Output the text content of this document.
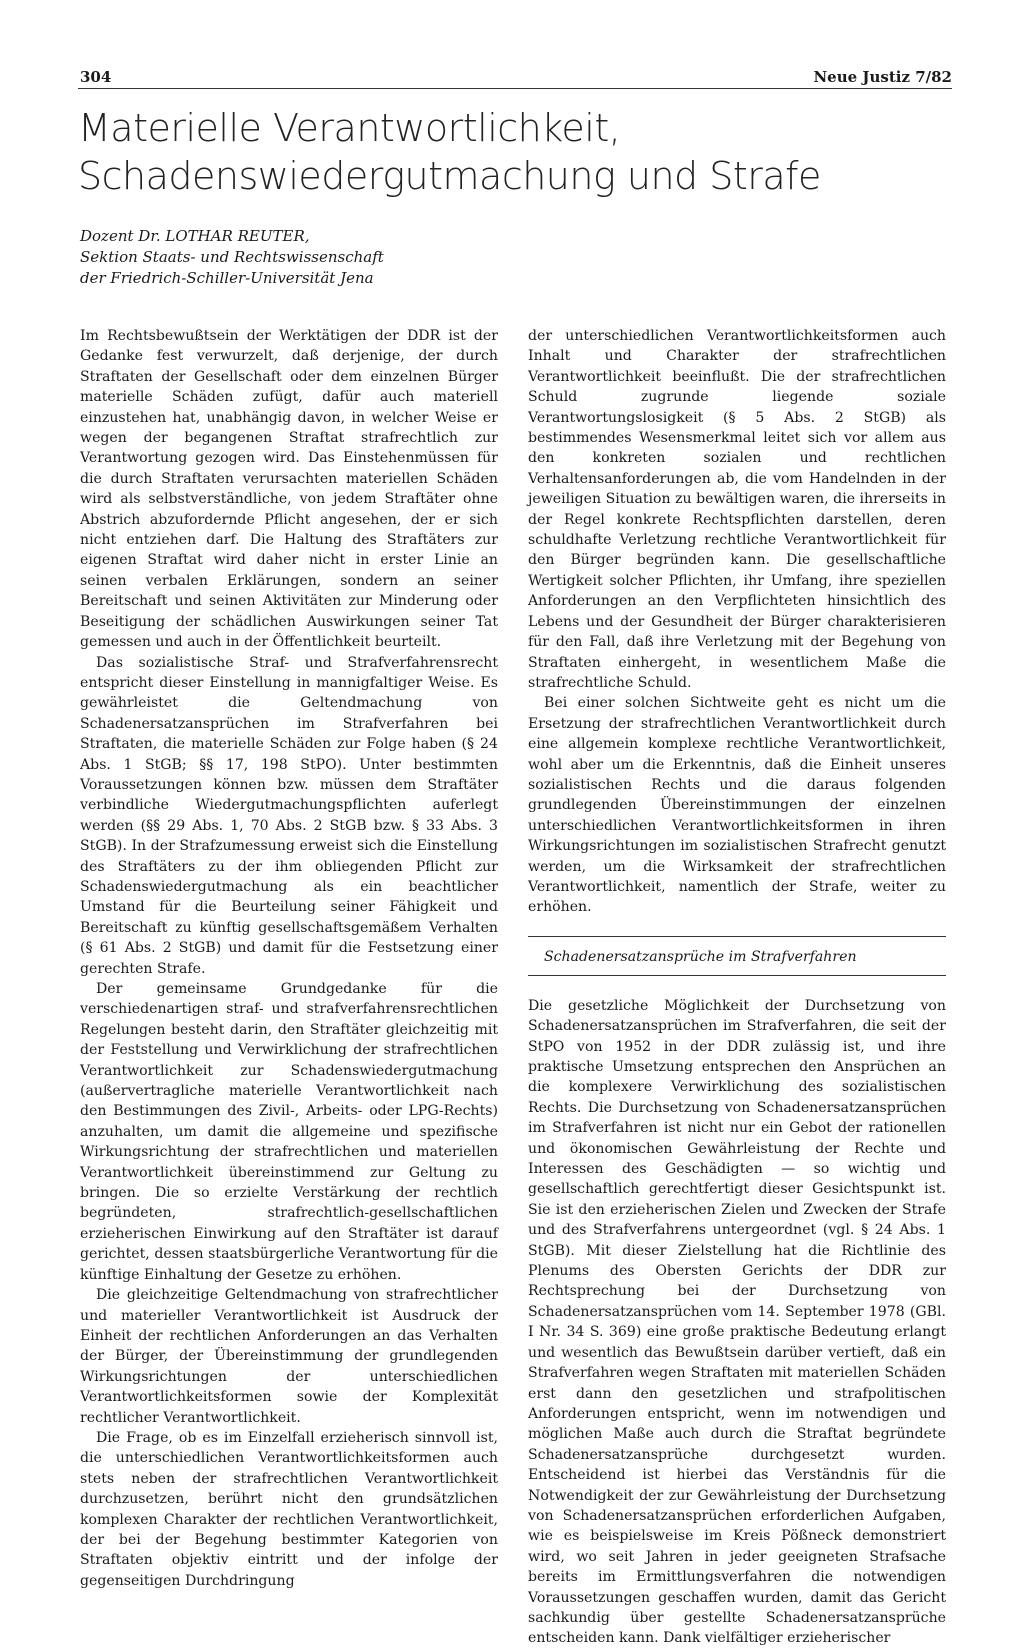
304	Neue Justiz 7/82
Materielle Verantwortlichkeit,
Schadenswiedergutmachung und Strafe
Dozent Dr. LOTHAR REUTER,
Sektion Staats- und Rechtswissenschaft
der Friedrich-Schiller-Universität Jena

Im Rechtsbewußtsein der Werktätigen der DDR ist der Gedanke fest verwurzelt, daß derjenige, der durch Straftaten der Gesellschaft oder dem einzelnen Bürger materielle Schäden zufügt, dafür auch materiell einzustehen hat, unabhängig davon, in welcher Weise er wegen der begangenen Straftat strafrechtlich zur Verantwortung gezogen wird. Das Einstehenmüssen für die durch Straftaten verursachten materiellen Schäden wird als selbstverständliche, von jedem Straftäter ohne Abstrich abzufordernde Pflicht angesehen, der er sich nicht entziehen darf. Die Haltung des Straftäters zur eigenen Straftat wird daher nicht in erster Linie an seinen verbalen Erklärungen, sondern an seiner Bereitschaft und seinen Aktivitäten zur Minderung oder Beseitigung der schädlichen Auswirkungen seiner Tat gemessen und auch in der Öffentlichkeit beurteilt.

Das sozialistische Straf- und Strafverfahrensrecht entspricht dieser Einstellung in mannigfaltiger Weise. Es gewährleistet die Geltendmachung von Schadenersatzansprüchen im Strafverfahren bei Straftaten, die materielle Schäden zur Folge haben (§ 24 Abs. 1 StGB; §§ 17, 198 StPO). Unter bestimmten Voraussetzungen können bzw. müssen dem Straftäter verbindliche Wiedergutmachungspflichten auferlegt werden (§§ 29 Abs. 1, 70 Abs. 2 StGB bzw. § 33 Abs. 3 StGB). In der Strafzumessung erweist sich die Einstellung des Straftäters zu der ihm obliegenden Pflicht zur Schadenswiedergutmachung als ein beachtlicher Umstand für die Beurteilung seiner Fähigkeit und Bereitschaft zu künftig gesellschaftsgemäßem Verhalten (§ 61 Abs. 2 StGB) und damit für die Festsetzung einer gerechten Strafe.

Der gemeinsame Grundgedanke für die verschiedenartigen straf- und strafverfahrensrechtlichen Regelungen besteht darin, den Straftäter gleichzeitig mit der Feststellung und Verwirklichung der strafrechtlichen Verantwortlichkeit zur Schadenswiedergutmachung (außervertragliche materielle Verantwortlichkeit nach den Bestimmungen des Zivil-, Arbeits- oder LPG-Rechts) anzuhalten, um damit die allgemeine und spezifische Wirkungsrichtung der strafrechtlichen und materiellen Verantwortlichkeit übereinstimmend zur Geltung zu bringen. Die so erzielte Verstärkung der rechtlich begründeten, strafrechtlich-gesellschaftlichen erzieherischen Einwirkung auf den Straftäter ist darauf gerichtet, dessen staatsbürgerliche Verantwortung für die künftige Einhaltung der Gesetze zu erhöhen.

Die gleichzeitige Geltendmachung von strafrechtlicher und materieller Verantwortlichkeit ist Ausdruck der Einheit der rechtlichen Anforderungen an das Verhalten der Bürger, der Übereinstimmung der grundlegenden Wirkungsrichtungen der unterschiedlichen Verantwortlichkeitsformen sowie der Komplexität rechtlicher Verantwortlichkeit.

Die Frage, ob es im Einzelfall erzieherisch sinnvoll ist, die unterschiedlichen Verantwortlichkeitsformen auch stets neben der strafrechtlichen Verantwortlichkeit durchzusetzen, berührt nicht den grundsätzlichen komplexen Charakter der rechtlichen Verantwortlichkeit, der bei der Begehung bestimmter Kategorien von Straftaten objektiv eintritt und der infolge der gegenseitigen Durchdringung

der unterschiedlichen Verantwortlichkeitsformen auch Inhalt und Charakter der strafrechtlichen Verantwortlichkeit beeinflußt. Die der strafrechtlichen Schuld zugrunde liegende soziale Verantwortungslosigkeit (§ 5 Abs. 2 StGB) als bestimmendes Wesensmerkmal leitet sich vor allem aus den konkreten sozialen und rechtlichen Verhaltensanforderungen ab, die vom Handelnden in der jeweiligen Situation zu bewältigen waren, die ihrerseits in der Regel konkrete Rechtspflichten darstellen, deren schuldhafte Verletzung rechtliche Verantwortlichkeit für den Bürger begründen kann. Die gesellschaftliche Wertigkeit solcher Pflichten, ihr Umfang, ihre speziellen Anforderungen an den Verpflichteten hinsichtlich des Lebens und der Gesundheit der Bürger charakterisieren für den Fall, daß ihre Verletzung mit der Begehung von Straftaten einhergeht, in wesentlichem Maße die strafrechtliche Schuld.

Bei einer solchen Sichtweite geht es nicht um die Ersetzung der strafrechtlichen Verantwortlichkeit durch eine allgemein komplexe rechtliche Verantwortlichkeit, wohl aber um die Erkenntnis, daß die Einheit unseres sozialistischen Rechts und die daraus folgenden grundlegenden Übereinstimmungen der einzelnen unterschiedlichen Verantwortlichkeitsformen in ihren Wirkungsrichtungen im sozialistischen Strafrecht genutzt werden, um die Wirksamkeit der strafrechtlichen Verantwortlichkeit, namentlich der Strafe, weiter zu erhöhen.

Schadenersatzansprüche im Strafverfahren

Die gesetzliche Möglichkeit der Durchsetzung von Schadenersatzansprüchen im Strafverfahren, die seit der StPO von 1952 in der DDR zulässig ist, und ihre praktische Umsetzung entsprechen den Ansprüchen an die komplexere Verwirklichung des sozialistischen Rechts. Die Durchsetzung von Schadenersatzansprüchen im Strafverfahren ist nicht nur ein Gebot der rationellen und ökonomischen Gewährleistung der Rechte und Interessen des Geschädigten — so wichtig und gesellschaftlich gerechtfertigt dieser Gesichtspunkt ist. Sie ist den erzieherischen Zielen und Zwecken der Strafe und des Strafverfahrens untergeordnet (vgl. § 24 Abs. 1 StGB). Mit dieser Zielstellung hat die Richtlinie des Plenums des Obersten Gerichts der DDR zur Rechtsprechung bei der Durchsetzung von Schadenersatzansprüchen vom 14. September 1978 (GBl. I Nr. 34 S. 369) eine große praktische Bedeutung erlangt und wesentlich das Bewußtsein darüber vertieft, daß ein Strafverfahren wegen Straftaten mit materiellen Schäden erst dann den gesetzlichen und strafpolitischen Anforderungen entspricht, wenn im notwendigen und möglichen Maße auch durch die Straftat begründete Schadenersatzansprüche durchgesetzt wurden. Entscheidend ist hierbei das Verständnis für die Notwendigkeit der zur Gewährleistung der Durchsetzung von Schadenersatzansprüchen erforderlichen Aufgaben, wie es beispielsweise im Kreis Pößneck demonstriert wird, wo seit Jahren in jeder geeigneten Strafsache bereits im Ermittlungsverfahren die notwendigen Voraussetzungen geschaffen wurden, damit das Gericht sachkundig über gestellte Schadenersatzansprüche entscheiden kann. Dank vielfältiger erzieherischer
